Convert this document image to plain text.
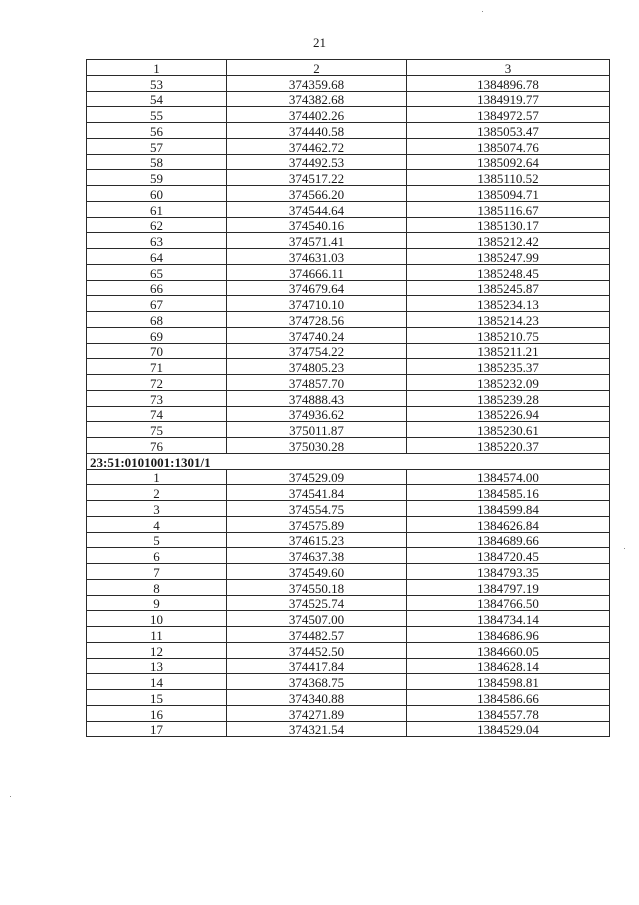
21
1	2	3
53	374359.68	1384896.78
54	374382.68	1384919.77
55	374402.26	1384972.57
56	374440.58	1385053.47
57	374462.72	1385074.76
58	374492.53	1385092.64
59	374517.22	1385110.52
60	374566.20	1385094.71
61	374544.64	1385116.67
62	374540.16	1385130.17
63	374571.41	1385212.42
64	374631.03	1385247.99
65	374666.11	1385248.45
66	374679.64	1385245.87
67	374710.10	1385234.13
68	374728.56	1385214.23
69	374740.24	1385210.75
70	374754.22	1385211.21
71	374805.23	1385235.37
72	374857.70	1385232.09
73	374888.43	1385239.28
74	374936.62	1385226.94
75	375011.87	1385230.61
76	375030.28	1385220.37
23:51:0101001:1301/1		
1	374529.09	1384574.00
2	374541.84	1384585.16
3	374554.75	1384599.84
4	374575.89	1384626.84
5	374615.23	1384689.66
6	374637.38	1384720.45
7	374549.60	1384793.35
8	374550.18	1384797.19
9	374525.74	1384766.50
10	374507.00	1384734.14
11	374482.57	1384686.96
12	374452.50	1384660.05
13	374417.84	1384628.14
14	374368.75	1384598.81
15	374340.88	1384586.66
16	374271.89	1384557.78
17	374321.54	1384529.04
